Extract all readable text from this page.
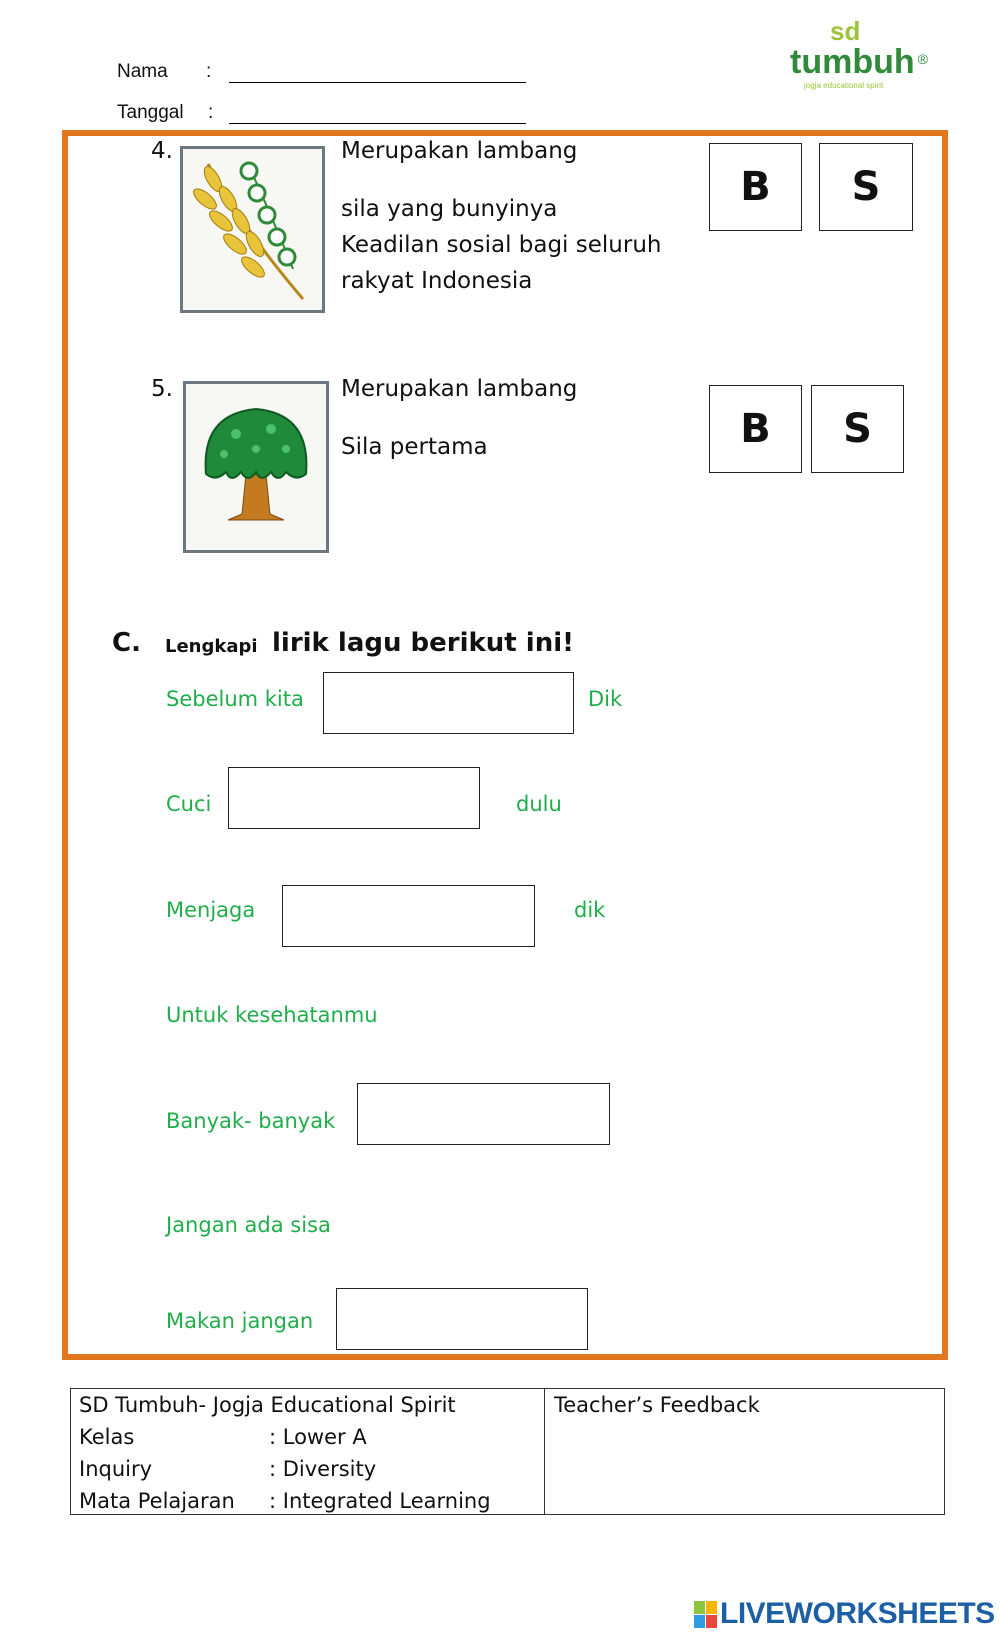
Nama :
Tanggal :
sd
tumbuh ®
jogja educational spirit
4.	Merupakan lambang
sila yang bunyinya
Keadilan sosial bagi seluruh
rakyat Indonesia
B S
5.	Merupakan lambang
Sila pertama	B S
C. Lengkapi lirik lagu berikut ini!
Sebelum kita	Dik
Cuci	dulu
Menjaga	dik
Untuk kesehatanmu
Banyak- banyak
Jangan ada sisa
Makan jangan
SD Tumbuh- Jogja Educational Spirit
Kelas	: Lower A
Inquiry	: Diversity
Mata Pelajaran : Integrated Learning
Teacher’s Feedback
LIVEWORKSHEETS
